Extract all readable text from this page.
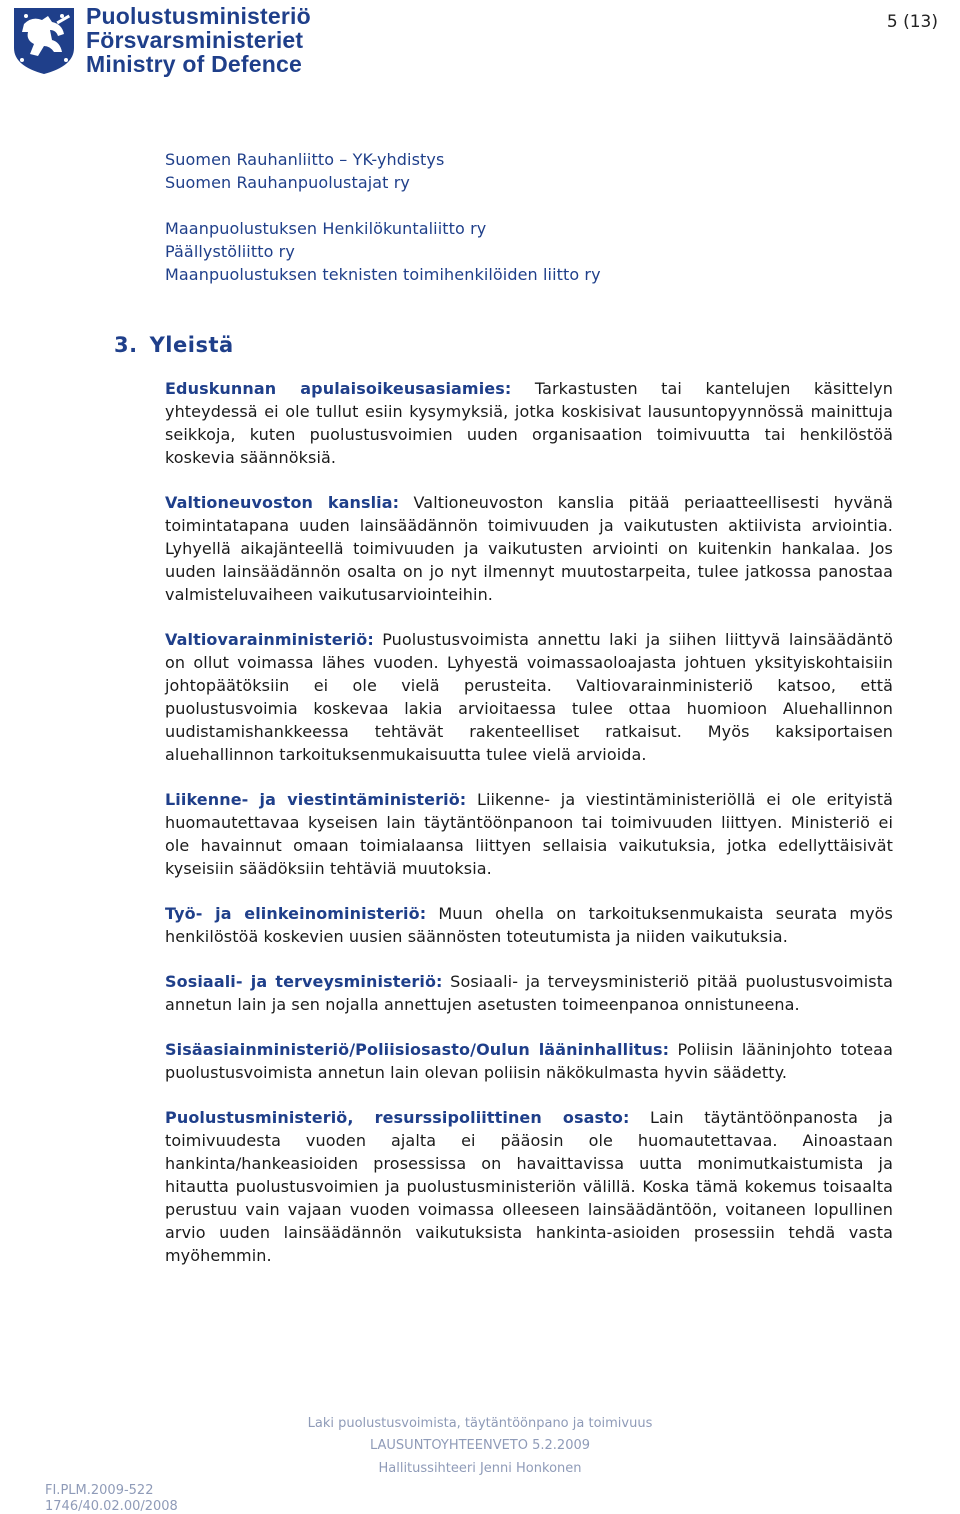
Puolustusministeriö
Försvarsministeriet
Ministry of Defence
5 (13)
Suomen Rauhanliitto – YK-yhdistys
Suomen Rauhanpuolustajat ry
Maanpuolustuksen Henkilökuntaliitto ry
Päällystöliitto ry
Maanpuolustuksen teknisten toimihenkilöiden liitto ry
3. Yleistä

Eduskunnan apulaisoikeusasiamies: Tarkastusten tai kantelujen käsittelyn yhteydessä ei ole tullut esiin kysymyksiä, jotka koskisivat lausuntopyynnössä mainittuja seikkoja, kuten puolustusvoimien uuden organisaation toimivuutta tai henkilöstöä koskevia säännöksiä.

Valtioneuvoston kanslia: Valtioneuvoston kanslia pitää periaatteellisesti hyvänä toimintatapana uuden lainsäädännön toimivuuden ja vaikutusten aktiivista arviointia. Lyhyellä aikajänteellä toimivuuden ja vaikutusten arviointi on kuitenkin hankalaa. Jos uuden lainsäädännön osalta on jo nyt ilmennyt muutostarpeita, tulee jatkossa panostaa valmisteluvaiheen vaikutusarviointeihin.

Valtiovarainministeriö: Puolustusvoimista annettu laki ja siihen liittyvä lainsäädäntö on ollut voimassa lähes vuoden. Lyhyestä voimassaoloajasta johtuen yksityiskohtaisiin johtopäätöksiin ei ole vielä perusteita. Valtiovarainministeriö katsoo, että puolustusvoimia koskevaa lakia arvioitaessa tulee ottaa huomioon Aluehallinnon uudistamishankkeessa tehtävät rakenteelliset ratkaisut. Myös kaksiportaisen aluehallinnon tarkoituksenmukaisuutta tulee vielä arvioida.

Liikenne- ja viestintäministeriö: Liikenne- ja viestintäministeriöllä ei ole erityistä huomautettavaa kyseisen lain täytäntöönpanoon tai toimivuuden liittyen. Ministeriö ei ole havainnut omaan toimialaansa liittyen sellaisia vaikutuksia, jotka edellyttäisivät kyseisiin säädöksiin tehtäviä muutoksia.

Työ- ja elinkeinoministeriö: Muun ohella on tarkoituksenmukaista seurata myös henkilöstöä koskevien uusien säännösten toteutumista ja niiden vaikutuksia.

Sosiaali- ja terveysministeriö: Sosiaali- ja terveysministeriö pitää puolustusvoimista annetun lain ja sen nojalla annettujen asetusten toimeenpanoa onnistuneena.

Sisäasiainministeriö/Poliisiosasto/Oulun lääninhallitus: Poliisin lääninjohto toteaa puolustusvoimista annetun lain olevan poliisin näkökulmasta hyvin säädetty.

Puolustusministeriö, resurssipoliittinen osasto: Lain täytäntöönpanosta ja toimivuudesta vuoden ajalta ei pääosin ole huomautettavaa. Ainoastaan hankinta/hankeasioiden prosessissa on havaittavissa uutta monimutkaistumista ja hitautta puolustusvoimien ja puolustusministeriön välillä. Koska tämä kokemus toisaalta perustuu vain vajaan vuoden voimassa olleeseen lainsäädäntöön, voitaneen lopullinen arvio uuden lainsäädännön vaikutuksista hankinta-asioiden prosessiin tehdä vasta myöhemmin.

Laki puolustusvoimista, täytäntöönpano ja toimivuus
LAUSUNTOYHTEENVETO 5.2.2009
Hallitussihteeri Jenni Honkonen
FI.PLM.2009-522
1746/40.02.00/2008
